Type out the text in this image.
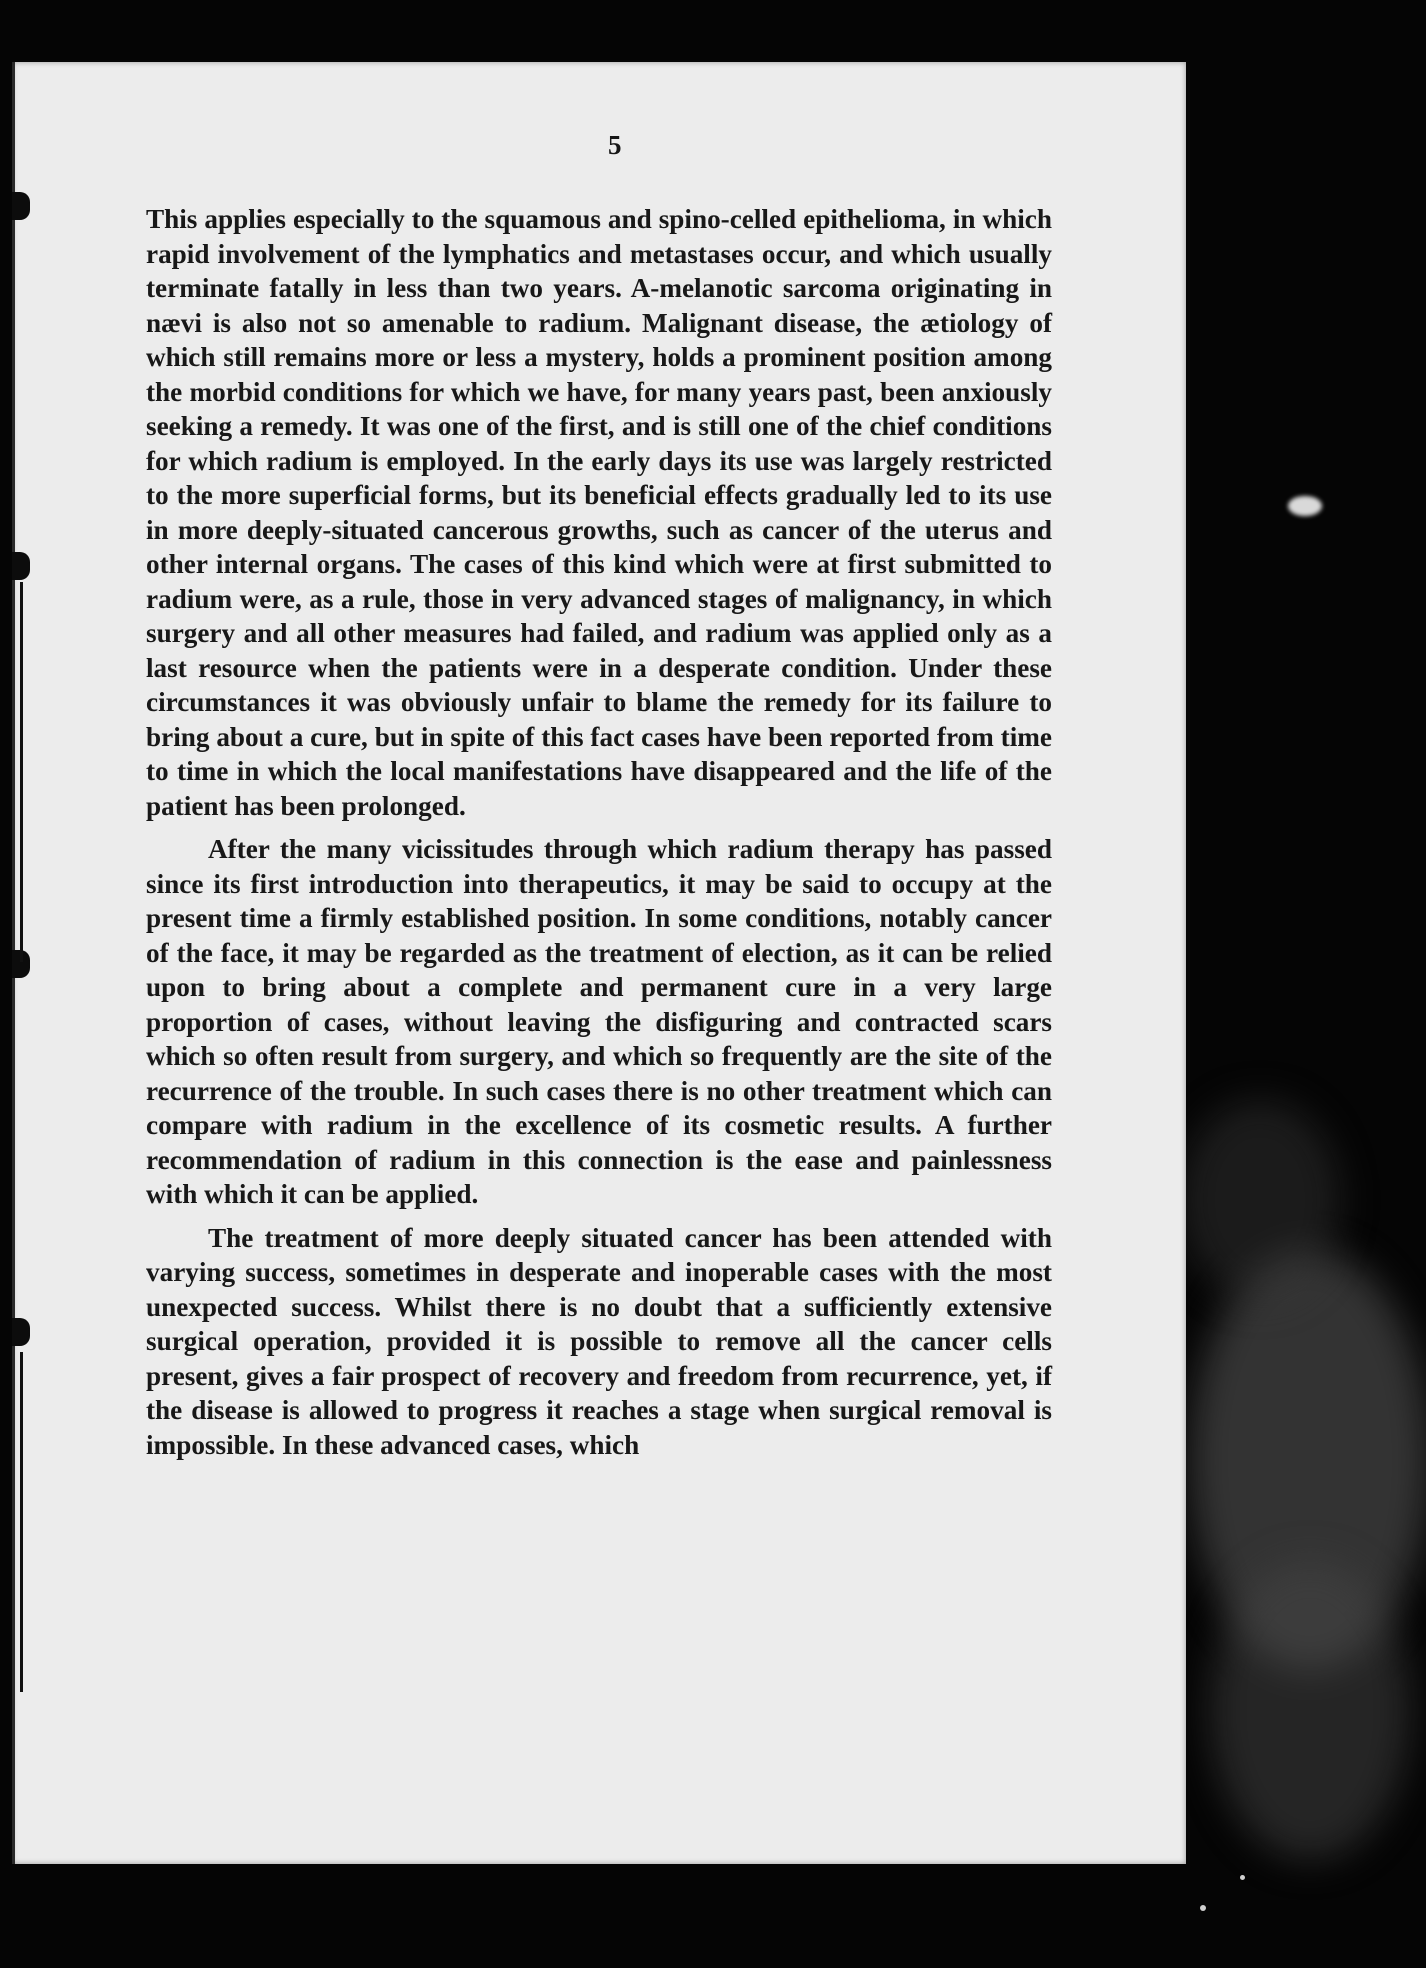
5

This applies especially to the squamous and spino-celled epithelioma, in which rapid involvement of the lymphatics and metastases occur, and which usually terminate fatally in less than two years. A-melanotic sarcoma originating in nævi is also not so amenable to radium. Malignant disease, the ætiology of which still remains more or less a mystery, holds a prominent position among the morbid conditions for which we have, for many years past, been anxiously seeking a remedy. It was one of the first, and is still one of the chief conditions for which radium is employed. In the early days its use was largely restricted to the more superficial forms, but its beneficial effects gradually led to its use in more deeply-situated cancerous growths, such as cancer of the uterus and other internal organs. The cases of this kind which were at first submitted to radium were, as a rule, those in very advanced stages of malignancy, in which surgery and all other measures had failed, and radium was applied only as a last resource when the patients were in a desperate condition. Under these circumstances it was obviously unfair to blame the remedy for its failure to bring about a cure, but in spite of this fact cases have been reported from time to time in which the local manifestations have disappeared and the life of the patient has been prolonged.

After the many vicissitudes through which radium therapy has passed since its first introduction into therapeutics, it may be said to occupy at the present time a firmly established position. In some conditions, notably cancer of the face, it may be regarded as the treatment of election, as it can be relied upon to bring about a complete and permanent cure in a very large proportion of cases, without leaving the disfiguring and contracted scars which so often result from surgery, and which so frequently are the site of the recurrence of the trouble. In such cases there is no other treatment which can compare with radium in the excellence of its cosmetic results. A further recommendation of radium in this connection is the ease and painlessness with which it can be applied.

The treatment of more deeply situated cancer has been attended with varying success, sometimes in desperate and inoperable cases with the most unexpected success. Whilst there is no doubt that a sufficiently extensive surgical operation, provided it is possible to remove all the cancer cells present, gives a fair prospect of recovery and freedom from recurrence, yet, if the disease is allowed to progress it reaches a stage when surgical removal is impossible. In these advanced cases, which
